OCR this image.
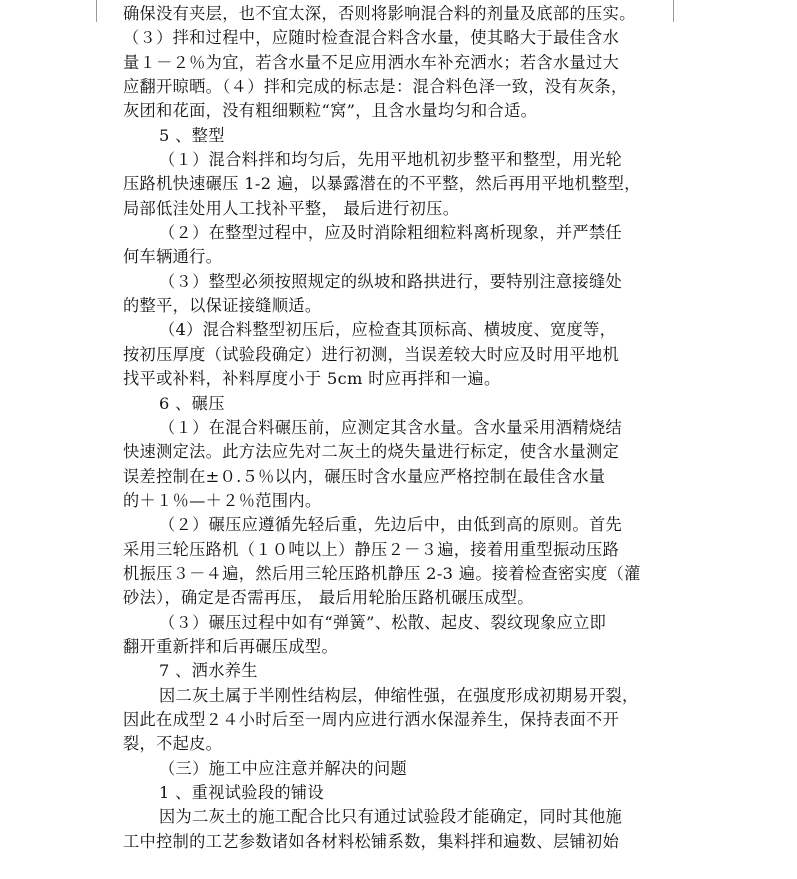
确保没有夹层，也不宜太深，否则将影响混合料的剂量及底部的压实。
（３）拌和过程中，应随时检查混合料含水量，使其略大于最佳含水
量１－２％为宜，若含水量不足应用洒水车补充洒水；若含水量过大
应翻开晾晒。（４）拌和完成的标志是：混合料色泽一致，没有灰条，
灰团和花面，没有粗细颗粒“窝”，且含水量均匀和合适。
5 、整型
（１）混合料拌和均匀后，先用平地机初步整平和整型，用光轮
压路机快速碾压 1-2 遍，以暴露潜在的不平整，然后再用平地机整型，
局部低洼处用人工找补平整， 最后进行初压。
（２）在整型过程中，应及时消除粗细粒料离析现象，并严禁任
何车辆通行。
（３）整型必须按照规定的纵坡和路拱进行，要特别注意接缝处
的整平，以保证接缝顺适。
（4）混合料整型初压后，应检查其顶标高、横坡度、宽度等，
按初压厚度（试验段确定）进行初测，当误差较大时应及时用平地机
找平或补料，补料厚度小于 5cm 时应再拌和一遍。
6 、碾压
（１）在混合料碾压前，应测定其含水量。含水量采用酒精烧结
快速测定法。此方法应先对二灰土的烧失量进行标定，使含水量测定
误差控制在±０.５％以内，碾压时含水量应严格控制在最佳含水量
的＋１％—＋２％范围内。
（２）碾压应遵循先轻后重，先边后中，由低到高的原则。首先
采用三轮压路机（１０吨以上）静压２－３遍，接着用重型振动压路
机振压３－４遍，然后用三轮压路机静压 2-3 遍。接着检查密实度（灌
砂法），确定是否需再压， 最后用轮胎压路机碾压成型。
（３）碾压过程中如有“弹簧”、松散、起皮、裂纹现象应立即
翻开重新拌和后再碾压成型。
7 、洒水养生
因二灰土属于半刚性结构层，伸缩性强，在强度形成初期易开裂，
因此在成型２４小时后至一周内应进行洒水保湿养生，保持表面不开
裂，不起皮。
（三）施工中应注意并解决的问题
1 、重视试验段的铺设
因为二灰土的施工配合比只有通过试验段才能确定，同时其他施
工中控制的工艺参数诸如各材料松铺系数，集料拌和遍数、层铺初始
